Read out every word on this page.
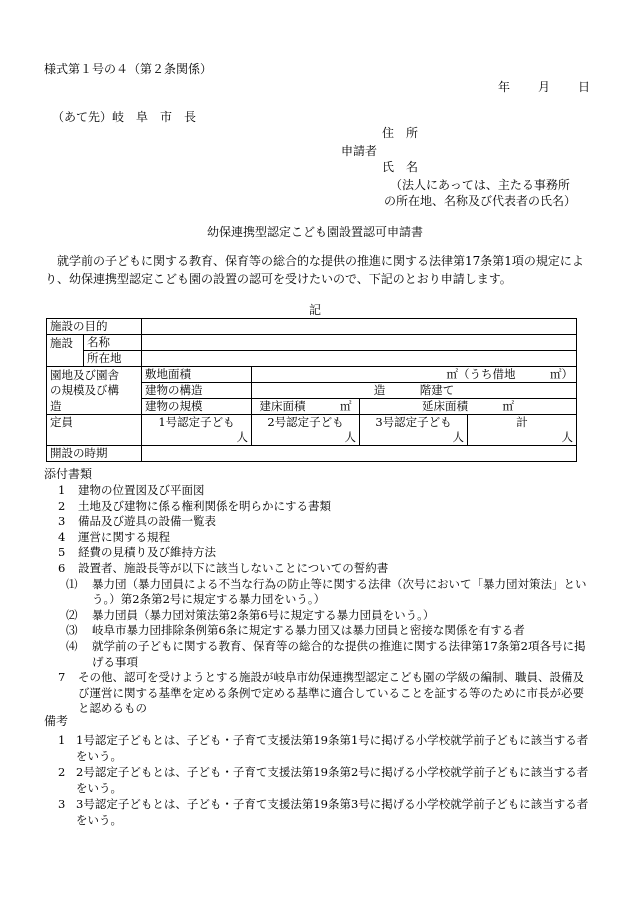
様式第１号の４（第２条関係）
年 月 日
（あて先）岐　阜　市　長
住　所
申請者
氏　名
（法人にあっては、主たる事務所
の所在地、名称及び代表者の氏名）
幼保連携型認定こども園設置認可申請書
就学前の子どもに関する教育、保育等の総合的な提供の推進に関する法律第17条第1項の規定により、幼保連携型認定こども園の設置の認可を受けたいので、下記のとおり申請します。
記
施設の目的					
施設	名称				
	所在地				
園地及び園舎		敷地面積	㎡（うち借地　　　㎡）		
の規模及び構		建物の構造	造　　　階建て		
造		建物の規模	建床面積　　　㎡	延床面積　　　㎡	
定員		1号認定子ども	2号認定子ども	3号認定子ども	計
		人	人	人	人
開設の時期					
添付書類
1 建物の位置図及び平面図
2 土地及び建物に係る権利関係を明らかにする書類
3 備品及び遊具の設備一覧表
4 運営に関する規程
5 経費の見積り及び維持方法
6 設置者、施設長等が以下に該当しないことについての誓約書
⑴ 暴力団（暴力団員による不当な行為の防止等に関する法律（次号において「暴力団対策法」という。）第2条第2号に規定する暴力団をいう。）
⑵ 暴力団員（暴力団対策法第2条第6号に規定する暴力団員をいう。）
⑶ 岐阜市暴力団排除条例第6条に規定する暴力団又は暴力団員と密接な関係を有する者
⑷ 就学前の子どもに関する教育、保育等の総合的な提供の推進に関する法律第17条第2項各号に掲げる事項
7 その他、認可を受けようとする施設が岐阜市幼保連携型認定こども園の学級の編制、職員、設備及び運営に関する基準を定める条例で定める基準に適合していることを証する等のために市長が必要と認めるもの
備考
1 1号認定子どもとは、子ども・子育て支援法第19条第1号に掲げる小学校就学前子どもに該当する者をいう。
2 2号認定子どもとは、子ども・子育て支援法第19条第2号に掲げる小学校就学前子どもに該当する者をいう。
3 3号認定子どもとは、子ども・子育て支援法第19条第3号に掲げる小学校就学前子どもに該当する者をいう。
